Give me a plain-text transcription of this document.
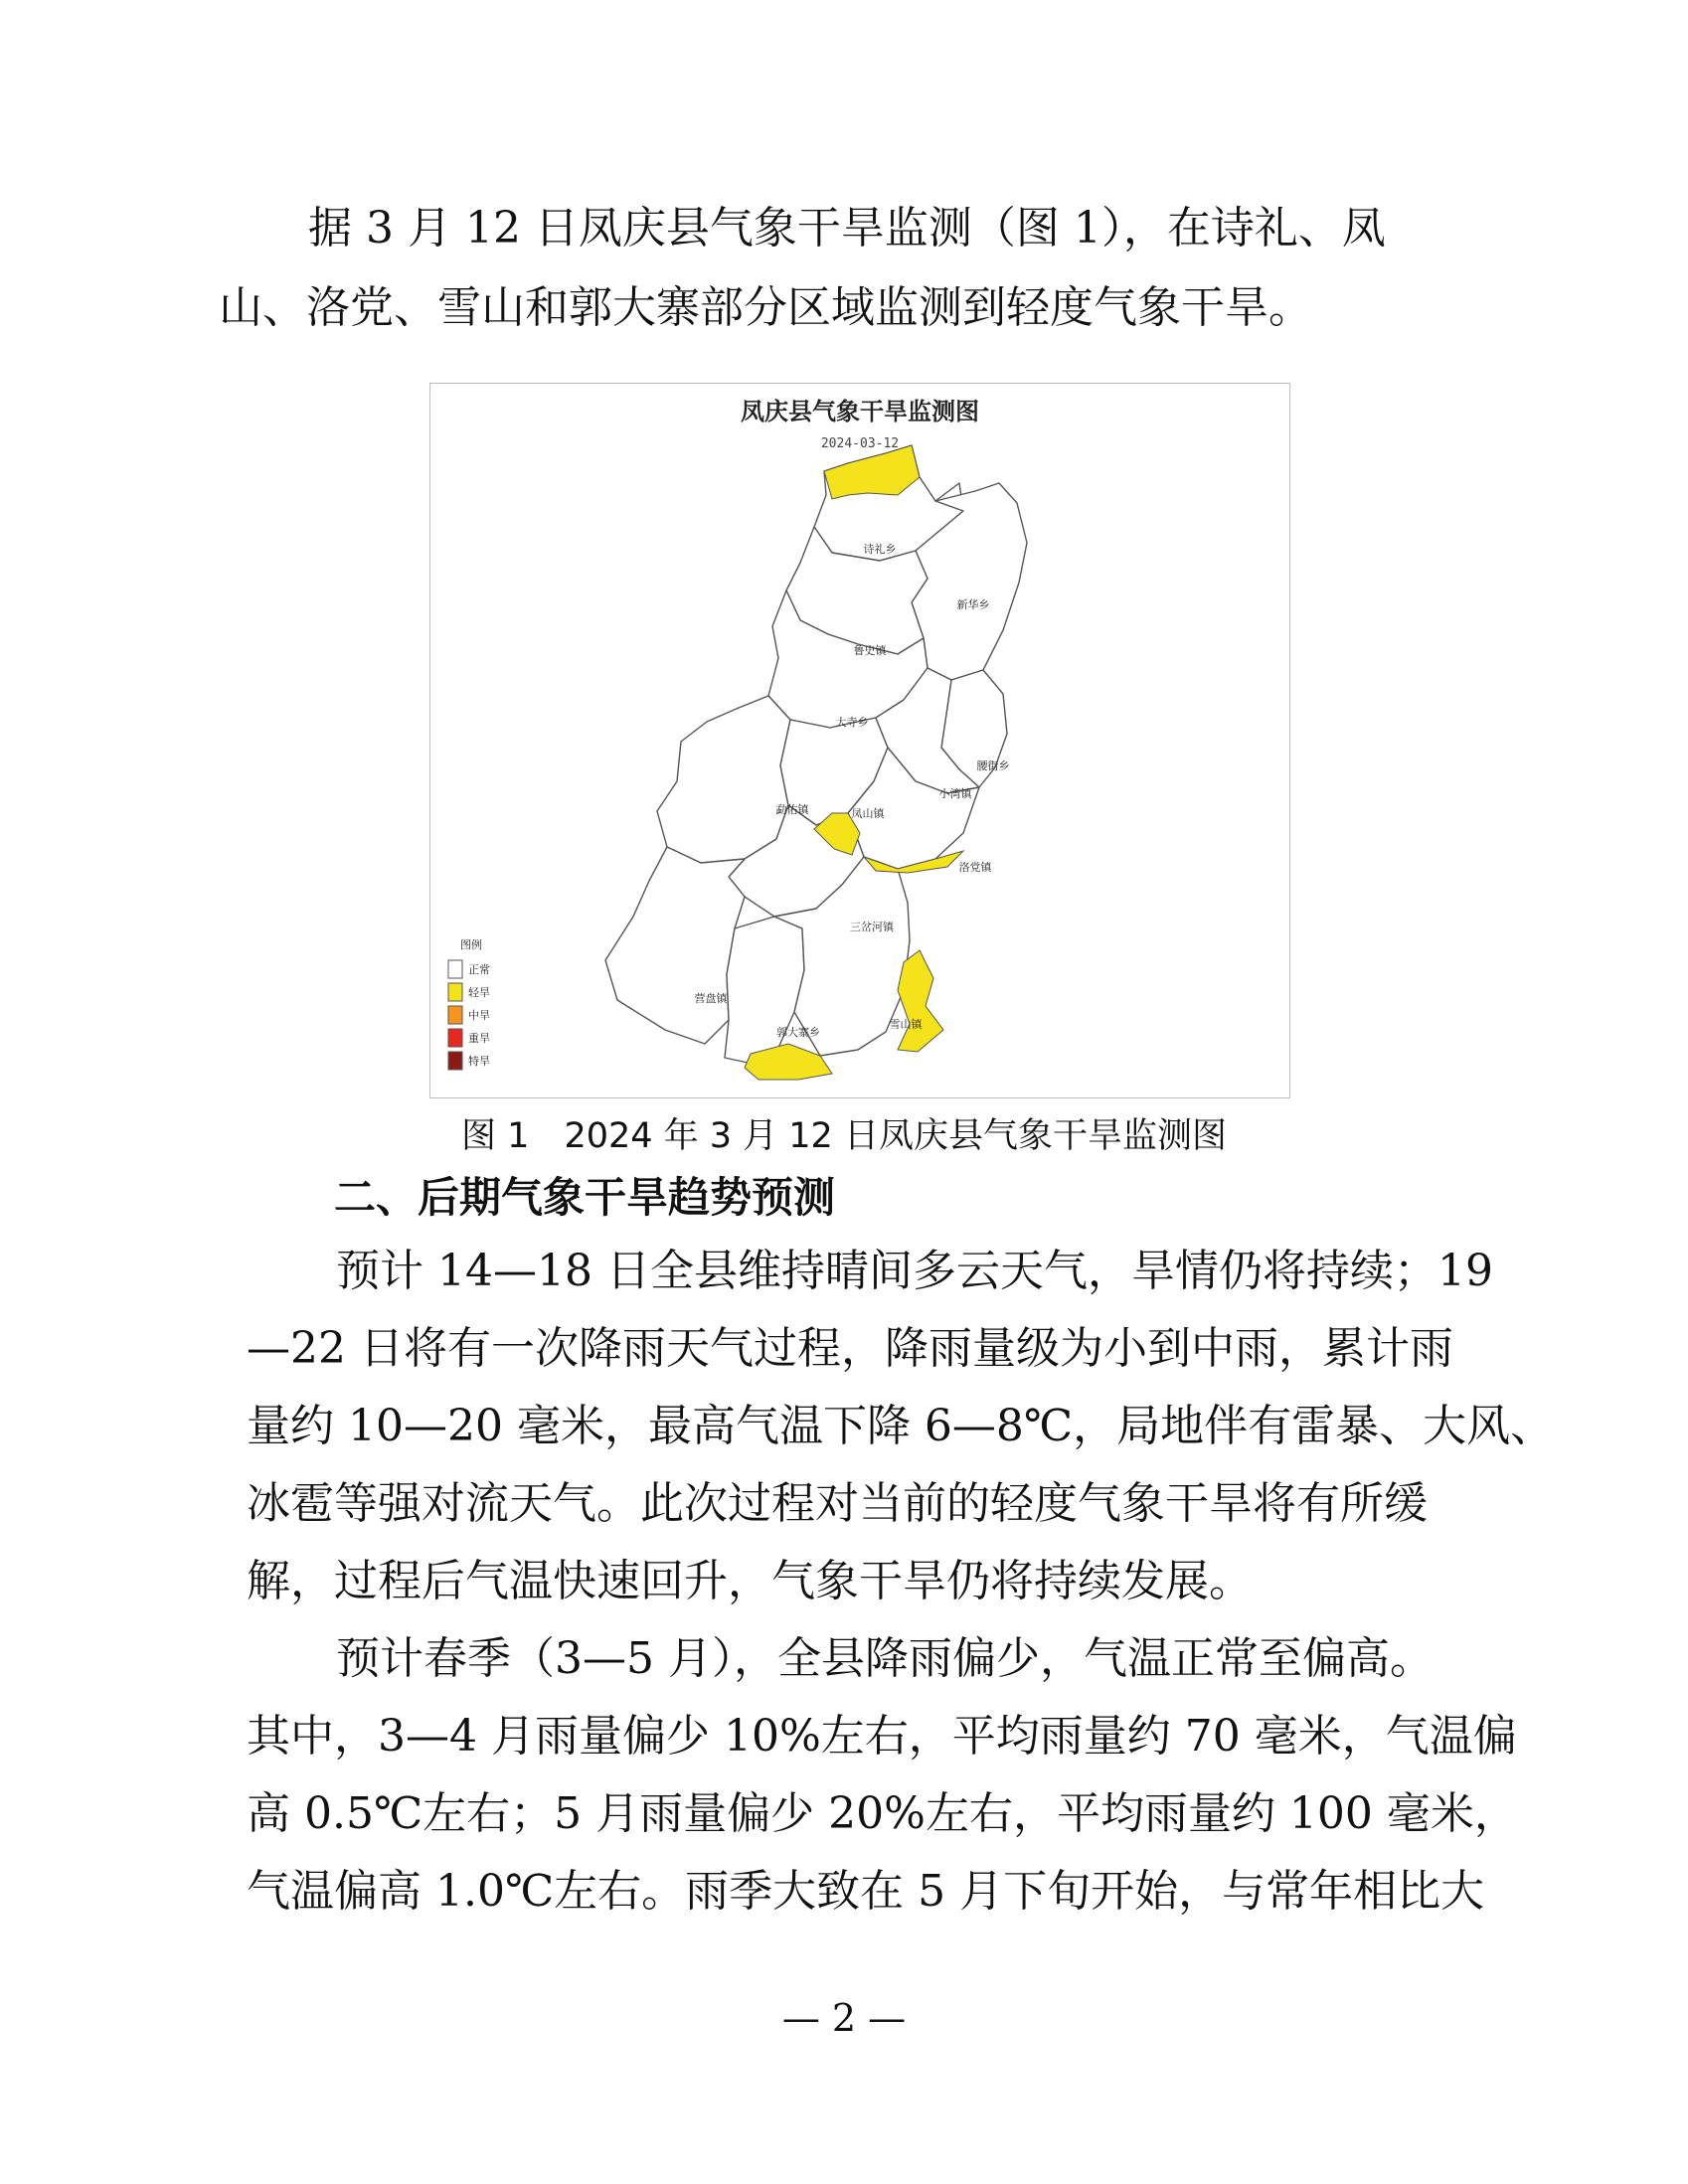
据 3 月 12 日凤庆县气象干旱监测（图 1），在诗礼、凤
山、洛党、雪山和郭大寨部分区域监测到轻度气象干旱。
凤庆县气象干旱监测图
2024-03-12
诗礼乡
新华乡
鲁史镇
大寺乡
腰街乡
勐佑镇	凤山镇
小湾镇
洛党镇
三岔河镇
营盘镇
郭大寨乡
雪山镇
图例
正常
轻旱
中旱
重旱
特旱
图 1　2024 年 3 月 12 日凤庆县气象干旱监测图
二、后期气象干旱趋势预测
预计 14—18 日全县维持晴间多云天气，旱情仍将持续；19
—22 日将有一次降雨天气过程，降雨量级为小到中雨，累计雨
量约 10—20 毫米，最高气温下降 6—8℃，局地伴有雷暴、大风、
冰雹等强对流天气。此次过程对当前的轻度气象干旱将有所缓
解，过程后气温快速回升，气象干旱仍将持续发展。
预计春季（3—5 月），全县降雨偏少，气温正常至偏高。
其中，3—4 月雨量偏少 10%左右，平均雨量约 70 毫米，气温偏
高 0.5℃左右；5 月雨量偏少 20%左右，平均雨量约 100 毫米，
气温偏高 1.0℃左右。雨季大致在 5 月下旬开始，与常年相比大
— 2 —
